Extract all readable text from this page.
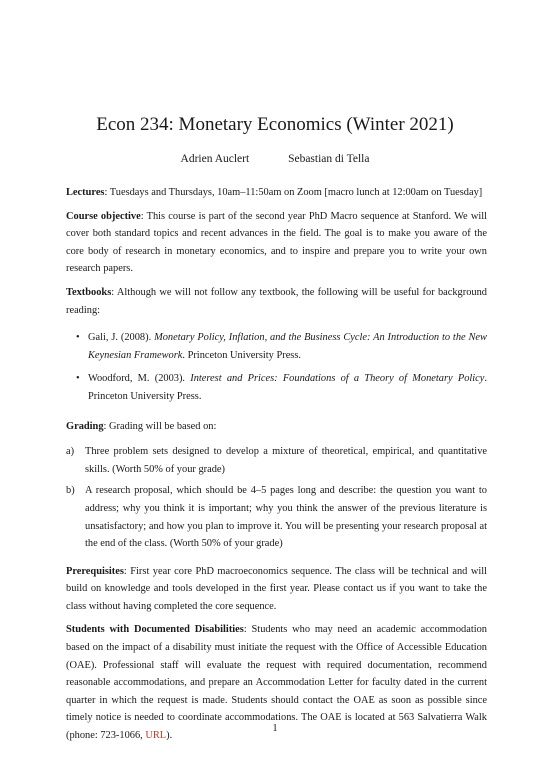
Econ 234: Monetary Economics (Winter 2021)
Adrien Auclert	Sebastian di Tella

Lectures: Tuesdays and Thursdays, 10am–11:50am on Zoom [macro lunch at 12:00am on Tuesday]

Course objective: This course is part of the second year PhD Macro sequence at Stanford. We will cover both standard topics and recent advances in the field. The goal is to make you aware of the core body of research in monetary economics, and to inspire and prepare you to write your own research papers.

Textbooks: Although we will not follow any textbook, the following will be useful for background reading:

• Gali, J. (2008). Monetary Policy, Inflation, and the Business Cycle: An Introduction to the New Keynesian Framework. Princeton University Press.
• Woodford, M. (2003). Interest and Prices: Foundations of a Theory of Monetary Policy. Princeton University Press.

Grading: Grading will be based on:

a) Three problem sets designed to develop a mixture of theoretical, empirical, and quantitative skills. (Worth 50% of your grade)
b) A research proposal, which should be 4–5 pages long and describe: the question you want to address; why you think it is important; why you think the answer of the previous literature is unsatisfactory; and how you plan to improve it. You will be presenting your research proposal at the end of the class. (Worth 50% of your grade)

Prerequisites: First year core PhD macroeconomics sequence. The class will be technical and will build on knowledge and tools developed in the first year. Please contact us if you want to take the class without having completed the core sequence.

Students with Documented Disabilities: Students who may need an academic accommodation based on the impact of a disability must initiate the request with the Office of Accessible Education (OAE). Professional staff will evaluate the request with required documentation, recommend reasonable accommodations, and prepare an Accommodation Letter for faculty dated in the current quarter in which the request is made. Students should contact the OAE as soon as possible since timely notice is needed to coordinate accommodations. The OAE is located at 563 Salvatierra Walk (phone: 723-1066, URL).

1
